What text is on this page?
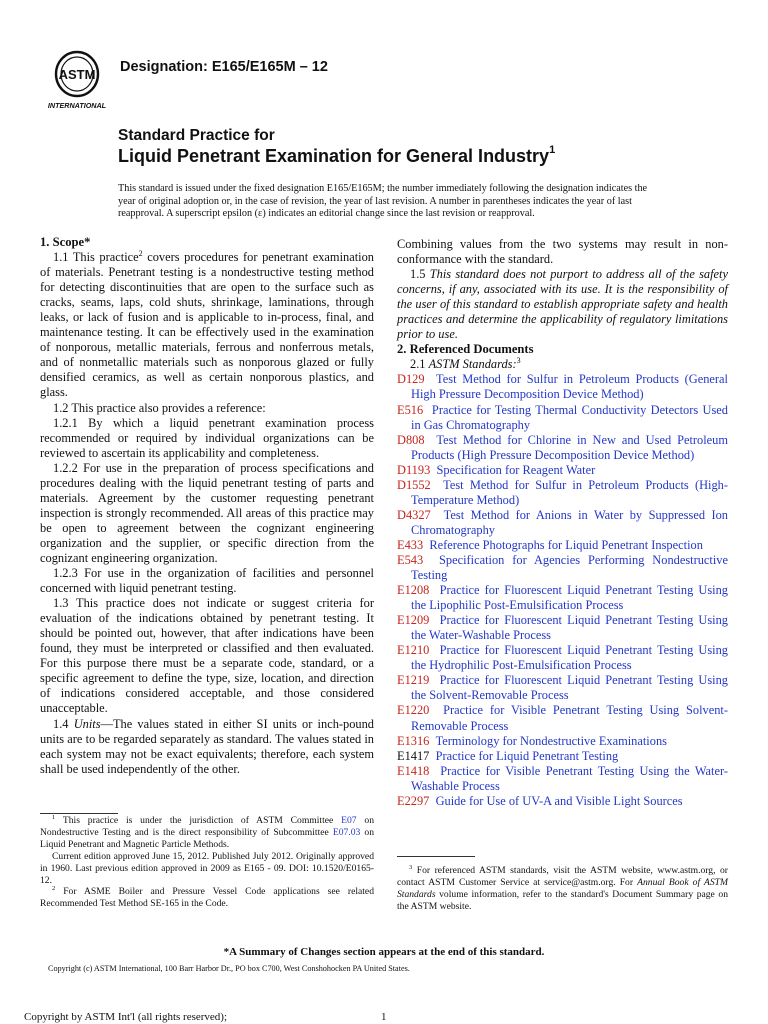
ASTM
INTERNATIONAL
Designation: E165/E165M – 12
Standard Practice for
Liquid Penetrant Examination for General Industry$^1$
This standard is issued under the fixed designation E165/E165M; the number immediately following the designation indicates the year of original adoption or, in the case of revision, the year of last revision. A number in parentheses indicates the year of last reapproval. A superscript epsilon (ε) indicates an editorial change since the last revision or reapproval.

1. Scope*

1.1 This practice$^2$ covers procedures for penetrant examination of materials. Penetrant testing is a nondestructive testing method for detecting discontinuities that are open to the surface such as cracks, seams, laps, cold shuts, shrinkage, laminations, through leaks, or lack of fusion and is applicable to in-process, final, and maintenance testing. It can be effectively used in the examination of nonporous, metallic materials, ferrous and nonferrous metals, and of nonmetallic materials such as nonporous glazed or fully densified ceramics, as well as certain nonporous plastics, and glass.

1.2 This practice also provides a reference:

1.2.1 By which a liquid penetrant examination process recommended or required by individual organizations can be reviewed to ascertain its applicability and completeness.

1.2.2 For use in the preparation of process specifications and procedures dealing with the liquid penetrant testing of parts and materials. Agreement by the customer requesting penetrant inspection is strongly recommended. All areas of this practice may be open to agreement between the cognizant engineering organization and the supplier, or specific direction from the cognizant engineering organization.

1.2.3 For use in the organization of facilities and personnel concerned with liquid penetrant testing.

1.3 This practice does not indicate or suggest criteria for evaluation of the indications obtained by penetrant testing. It should be pointed out, however, that after indications have been found, they must be interpreted or classified and then evaluated. For this purpose there must be a separate code, standard, or a specific agreement to define the type, size, location, and direction of indications considered acceptable, and those considered unacceptable.

1.4 Units—The values stated in either SI units or inch-pound units are to be regarded separately as standard. The values stated in each system may not be exact equivalents; therefore, each system shall be used independently of the other.

Combining values from the two systems may result in non-conformance with the standard.

1.5 This standard does not purport to address all of the safety concerns, if any, associated with its use. It is the responsibility of the user of this standard to establish appropriate safety and health practices and determine the applicability of regulatory limitations prior to use.

2. Referenced Documents

2.1 ASTM Standards:$^3$

D129 Test Method for Sulfur in Petroleum Products (General High Pressure Decomposition Device Method)
E516 Practice for Testing Thermal Conductivity Detectors Used in Gas Chromatography
D808 Test Method for Chlorine in New and Used Petroleum Products (High Pressure Decomposition Device Method)
D1193 Specification for Reagent Water
D1552 Test Method for Sulfur in Petroleum Products (High-Temperature Method)
D4327 Test Method for Anions in Water by Suppressed Ion Chromatography
E433 Reference Photographs for Liquid Penetrant Inspection
E543 Specification for Agencies Performing Nondestructive Testing
E1208 Practice for Fluorescent Liquid Penetrant Testing Using the Lipophilic Post-Emulsification Process
E1209 Practice for Fluorescent Liquid Penetrant Testing Using the Water-Washable Process
E1210 Practice for Fluorescent Liquid Penetrant Testing Using the Hydrophilic Post-Emulsification Process
E1219 Practice for Fluorescent Liquid Penetrant Testing Using the Solvent-Removable Process
E1220 Practice for Visible Penetrant Testing Using Solvent-Removable Process
E1316 Terminology for Nondestructive Examinations
E1417 Practice for Liquid Penetrant Testing
E1418 Practice for Visible Penetrant Testing Using the Water-Washable Process
E2297 Guide for Use of UV-A and Visible Light Sources

$^1$ This practice is under the jurisdiction of ASTM Committee E07 on Nondestructive Testing and is the direct responsibility of Subcommittee E07.03 on Liquid Penetrant and Magnetic Particle Methods.

Current edition approved June 15, 2012. Published July 2012. Originally approved in 1960. Last previous edition approved in 2009 as E165 - 09. DOI: 10.1520/E0165-12.

$^2$ For ASME Boiler and Pressure Vessel Code applications see related Recommended Test Method SE-165 in the Code.

$^3$ For referenced ASTM standards, visit the ASTM website, www.astm.org, or contact ASTM Customer Service at service@astm.org. For Annual Book of ASTM Standards volume information, refer to the standard's Document Summary page on the ASTM website.

*A Summary of Changes section appears at the end of this standard.
Copyright (c) ASTM International, 100 Barr Harbor Dr., PO box C700, West Conshohocken PA United States.
Copyright by ASTM Int'l (all rights reserved);	1
